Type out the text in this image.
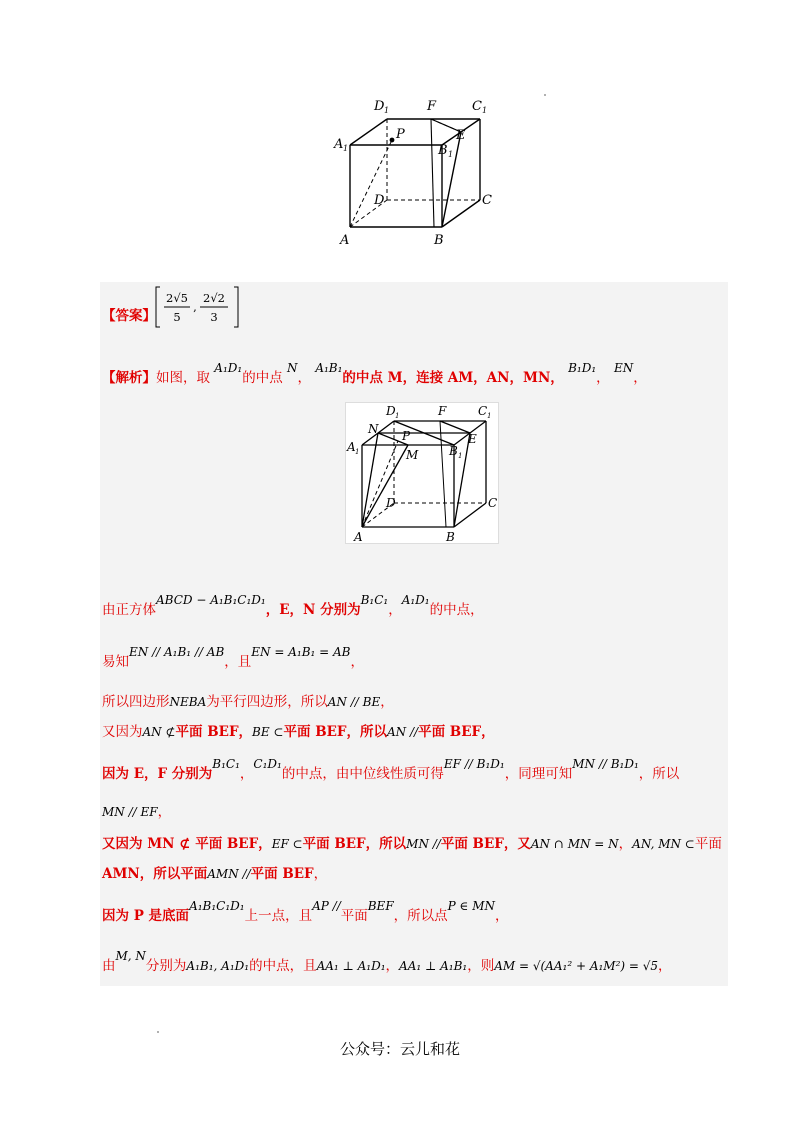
D 1	F	C 1
A 1
P	E
B 1
D	C
A	B
【答案】
2√5
5
,
2√2
3
【解析】如图，取 A₁D₁的中点 N， A₁B₁的中点 M，连接 AM，AN，MN， B₁D₁， EN，
D 1	F	C 1
N P	E
A 1	M	B 1
D	C
A	B
由正方体ABCD − A₁B₁C₁D₁，E，N 分别为B₁C₁，A₁D₁的中点，
易知EN // A₁B₁ // AB，且EN = A₁B₁ = AB，
所以四边形NEBA为平行四边形，所以AN // BE，
又因为AN ⊄平面 BEF，BE ⊂平面 BEF，所以AN //平面 BEF，
因为 E，F 分别为B₁C₁，C₁D₁的中点，由中位线性质可得EF // B₁D₁，同理可知MN // B₁D₁，所以
MN // EF，
又因为 MN ⊄ 平面 BEF，EF ⊂平面 BEF，所以MN //平面 BEF，又AN ∩ MN = N，AN, MN ⊂平面
AMN，所以平面AMN //平面 BEF，
因为 P 是底面A₁B₁C₁D₁上一点，且AP //平面BEF，所以点P ∈ MN，
由M, N分别为A₁B₁, A₁D₁的中点，且AA₁ ⊥ A₁D₁，AA₁ ⊥ A₁B₁，则AM = √(AA₁² + A₁M²) = √5，
公众号：云儿和花
